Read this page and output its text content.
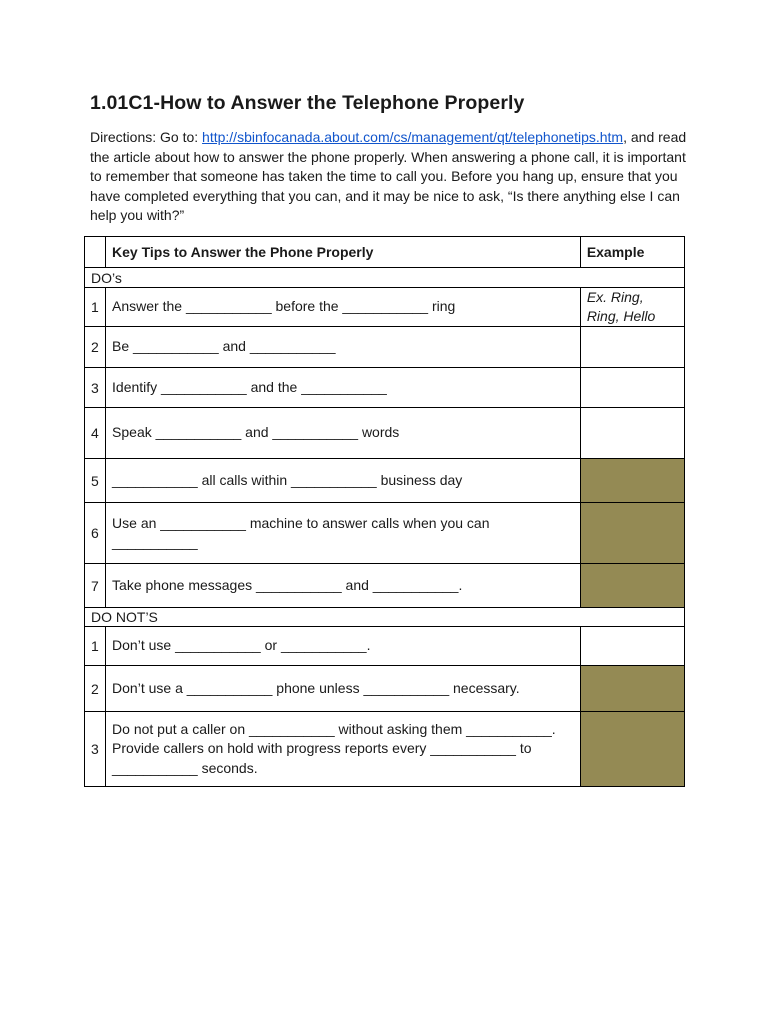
1.01C1-How to Answer the Telephone Properly

Directions: Go to: http://sbinfocanada.about.com/cs/management/qt/telephonetips.htm, and read the article about how to answer the phone properly. When answering a phone call, it is important to remember that someone has taken the time to call you. Before you hang up, ensure that you have completed everything that you can, and it may be nice to ask, “Is there anything else I can help you with?”

	Key Tips to Answer the Phone Properly	Example
DO’s		
1	Answer the ___________ before the ___________ ring	Ex. Ring, Ring, Hello
2	Be ___________ and ___________	
3	Identify ___________ and the ___________	
4	Speak ___________ and ___________ words	
5	___________ all calls within ___________ business day	
6	Use an ___________ machine to answer calls when you can ___________	
7	Take phone messages ___________ and ___________.	
DO NOT’S		
1	Don’t use ___________ or ___________.	
2	Don’t use a ___________ phone unless ___________ necessary.	
3	Do not put a caller on ___________ without asking them ___________. Provide callers on hold with progress reports every ___________ to ___________ seconds.	
